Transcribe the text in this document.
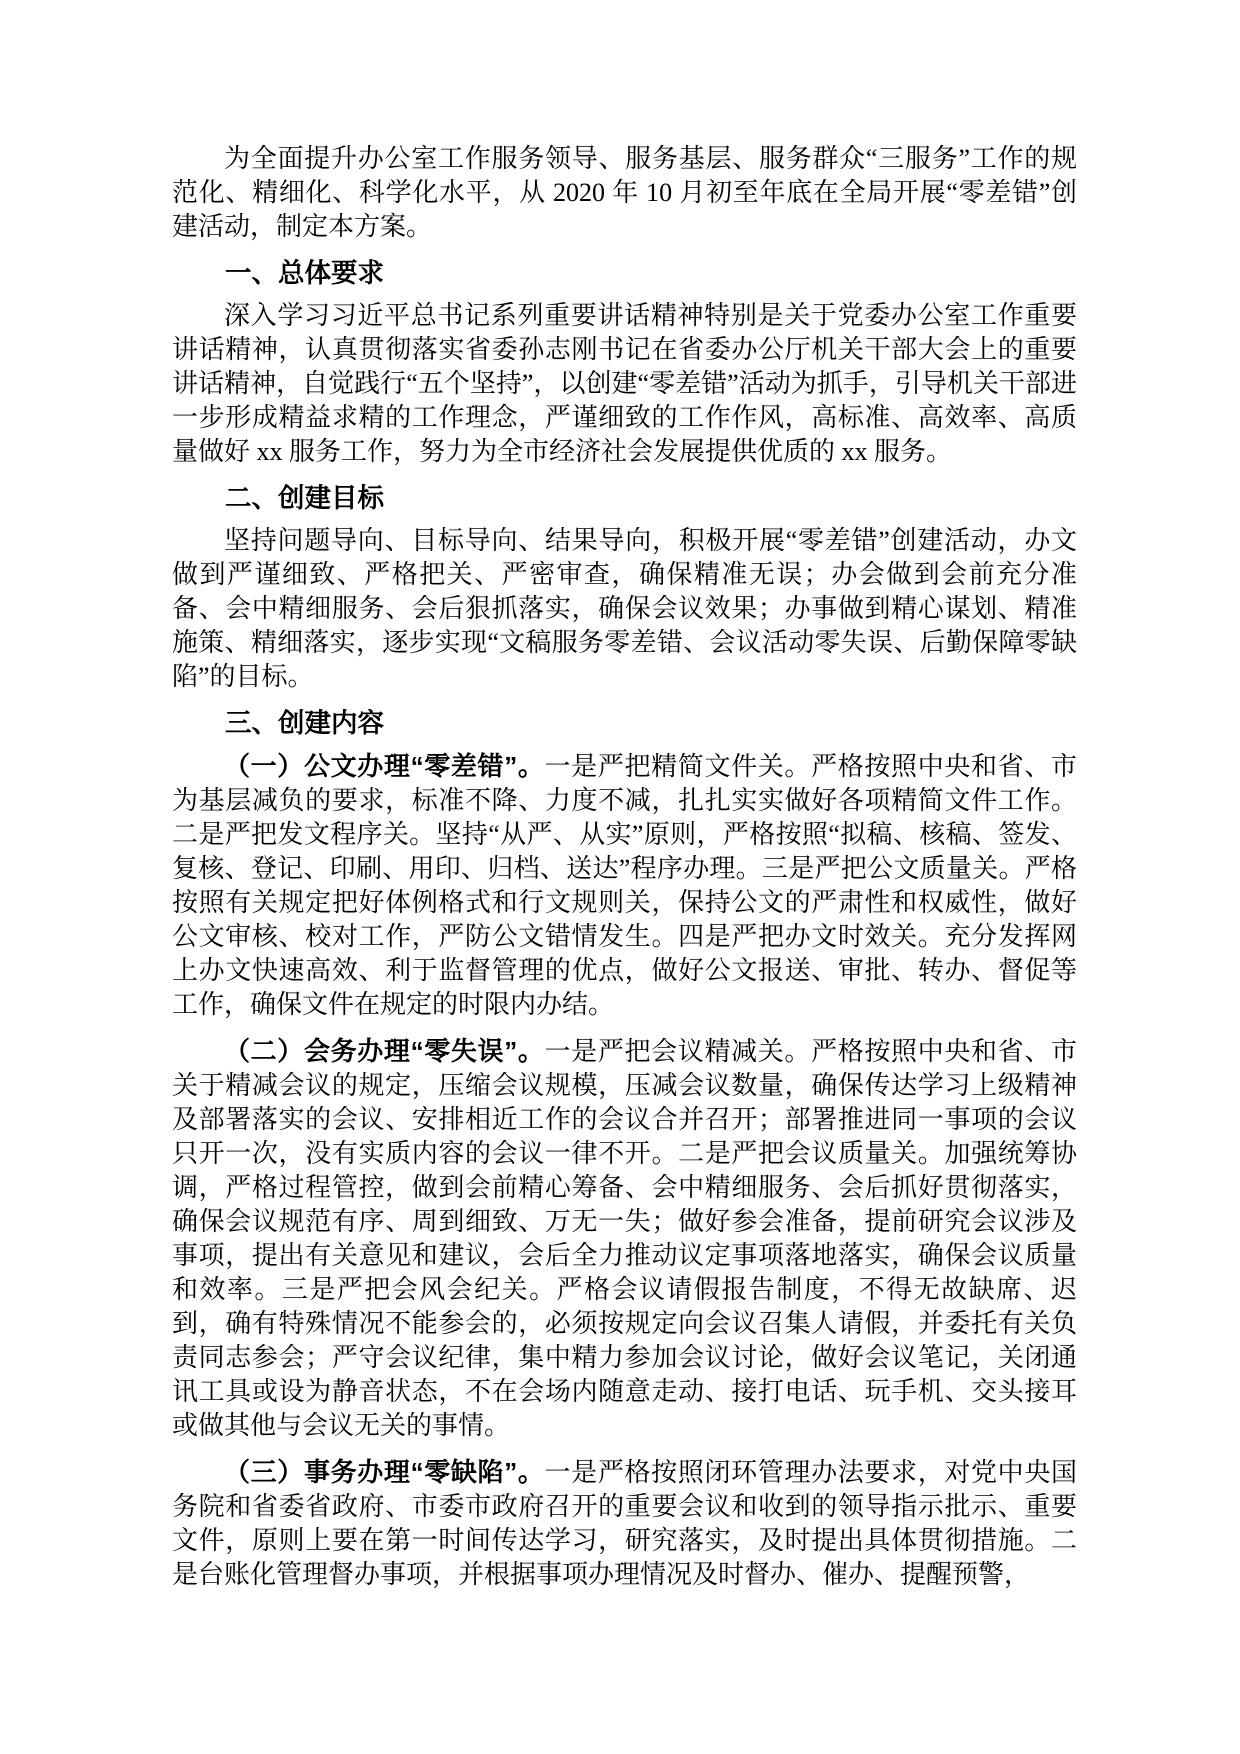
为全面提升办公室工作服务领导、服务基层、服务群众“三服务”工作的规范化、精细化、科学化水平，从 2020 年 10 月初至年底在全局开展“零差错”创建活动，制定本方案。

一、总体要求

深入学习习近平总书记系列重要讲话精神特别是关于党委办公室工作重要讲话精神，认真贯彻落实省委孙志刚书记在省委办公厅机关干部大会上的重要讲话精神，自觉践行“五个坚持”，以创建“零差错”活动为抓手，引导机关干部进一步形成精益求精的工作理念，严谨细致的工作作风，高标准、高效率、高质量做好 xx 服务工作，努力为全市经济社会发展提供优质的 xx 服务。

二、创建目标

坚持问题导向、目标导向、结果导向，积极开展“零差错”创建活动，办文做到严谨细致、严格把关、严密审查，确保精准无误；办会做到会前充分准备、会中精细服务、会后狠抓落实，确保会议效果；办事做到精心谋划、精准施策、精细落实，逐步实现“文稿服务零差错、会议活动零失误、后勤保障零缺陷”的目标。

三、创建内容

（一）公文办理“零差错”。一是严把精简文件关。严格按照中央和省、市为基层减负的要求，标准不降、力度不减，扎扎实实做好各项精简文件工作。二是严把发文程序关。坚持“从严、从实”原则，严格按照“拟稿、核稿、签发、复核、登记、印刷、用印、归档、送达”程序办理。三是严把公文质量关。严格按照有关规定把好体例格式和行文规则关，保持公文的严肃性和权威性，做好公文审核、校对工作，严防公文错情发生。四是严把办文时效关。充分发挥网上办文快速高效、利于监督管理的优点，做好公文报送、审批、转办、督促等工作，确保文件在规定的时限内办结。

（二）会务办理“零失误”。一是严把会议精减关。严格按照中央和省、市关于精减会议的规定，压缩会议规模，压减会议数量，确保传达学习上级精神及部署落实的会议、安排相近工作的会议合并召开；部署推进同一事项的会议只开一次，没有实质内容的会议一律不开。二是严把会议质量关。加强统筹协调，严格过程管控，做到会前精心筹备、会中精细服务、会后抓好贯彻落实，确保会议规范有序、周到细致、万无一失；做好参会准备，提前研究会议涉及事项，提出有关意见和建议，会后全力推动议定事项落地落实，确保会议质量和效率。三是严把会风会纪关。严格会议请假报告制度，不得无故缺席、迟到，确有特殊情况不能参会的，必须按规定向会议召集人请假，并委托有关负责同志参会；严守会议纪律，集中精力参加会议讨论，做好会议笔记，关闭通讯工具或设为静音状态，不在会场内随意走动、接打电话、玩手机、交头接耳或做其他与会议无关的事情。

（三）事务办理“零缺陷”。一是严格按照闭环管理办法要求，对党中央国务院和省委省政府、市委市政府召开的重要会议和收到的领导指示批示、重要文件，原则上要在第一时间传达学习，研究落实，及时提出具体贯彻措施。二是台账化管理督办事项，并根据事项办理情况及时督办、催办、提醒预警，
